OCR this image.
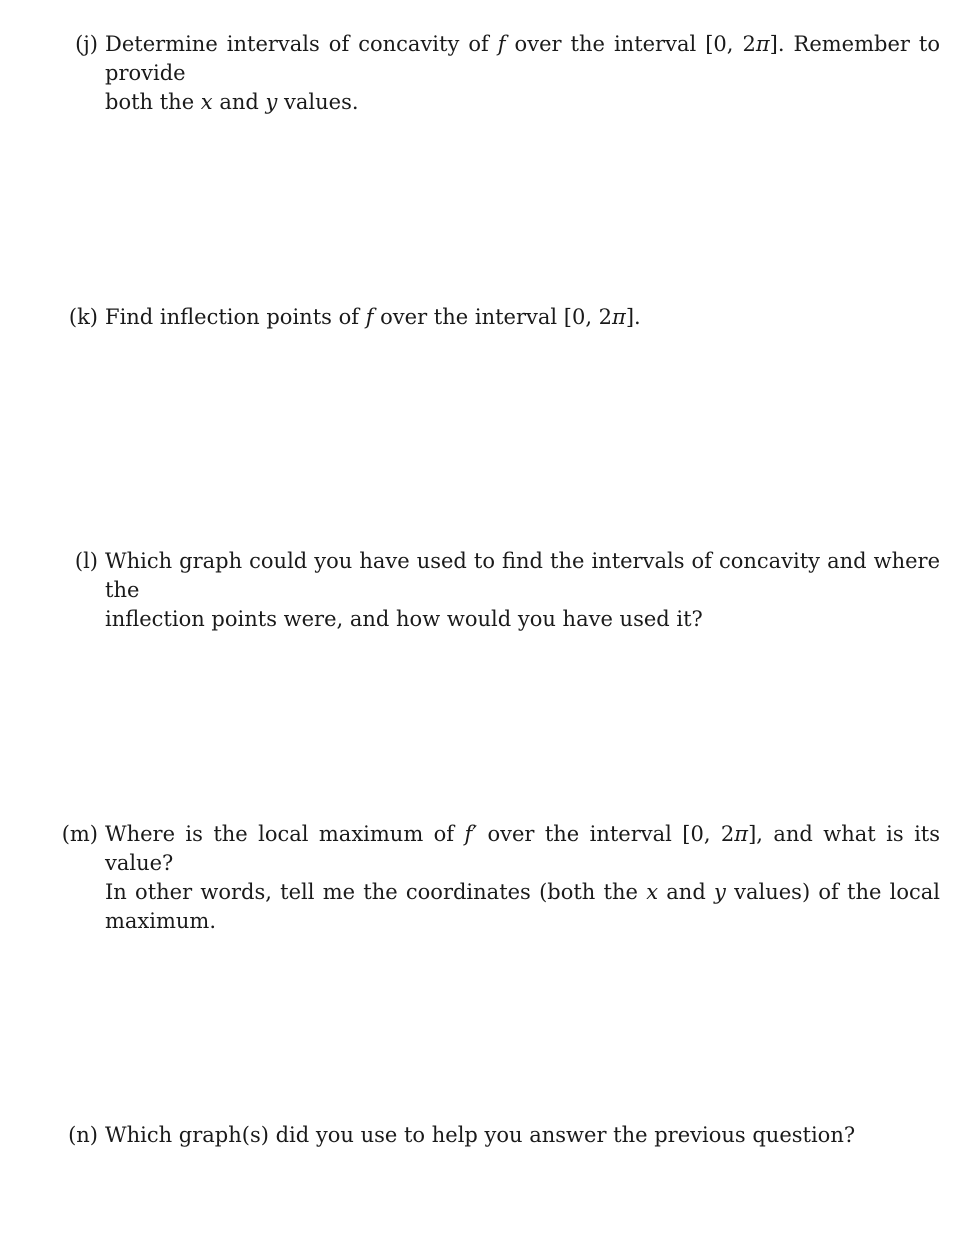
(j) Determine intervals of concavity of f over the interval [0, 2π]. Remember to provide
both the x and y values.
(k) Find inflection points of f over the interval [0, 2π].
(l) Which graph could you have used to find the intervals of concavity and where the
inflection points were, and how would you have used it?
(m) Where is the local maximum of f′ over the interval [0, 2π], and what is its value?
In other words, tell me the coordinates (both the x and y values) of the local
maximum.
(n) Which graph(s) did you use to help you answer the previous question?
